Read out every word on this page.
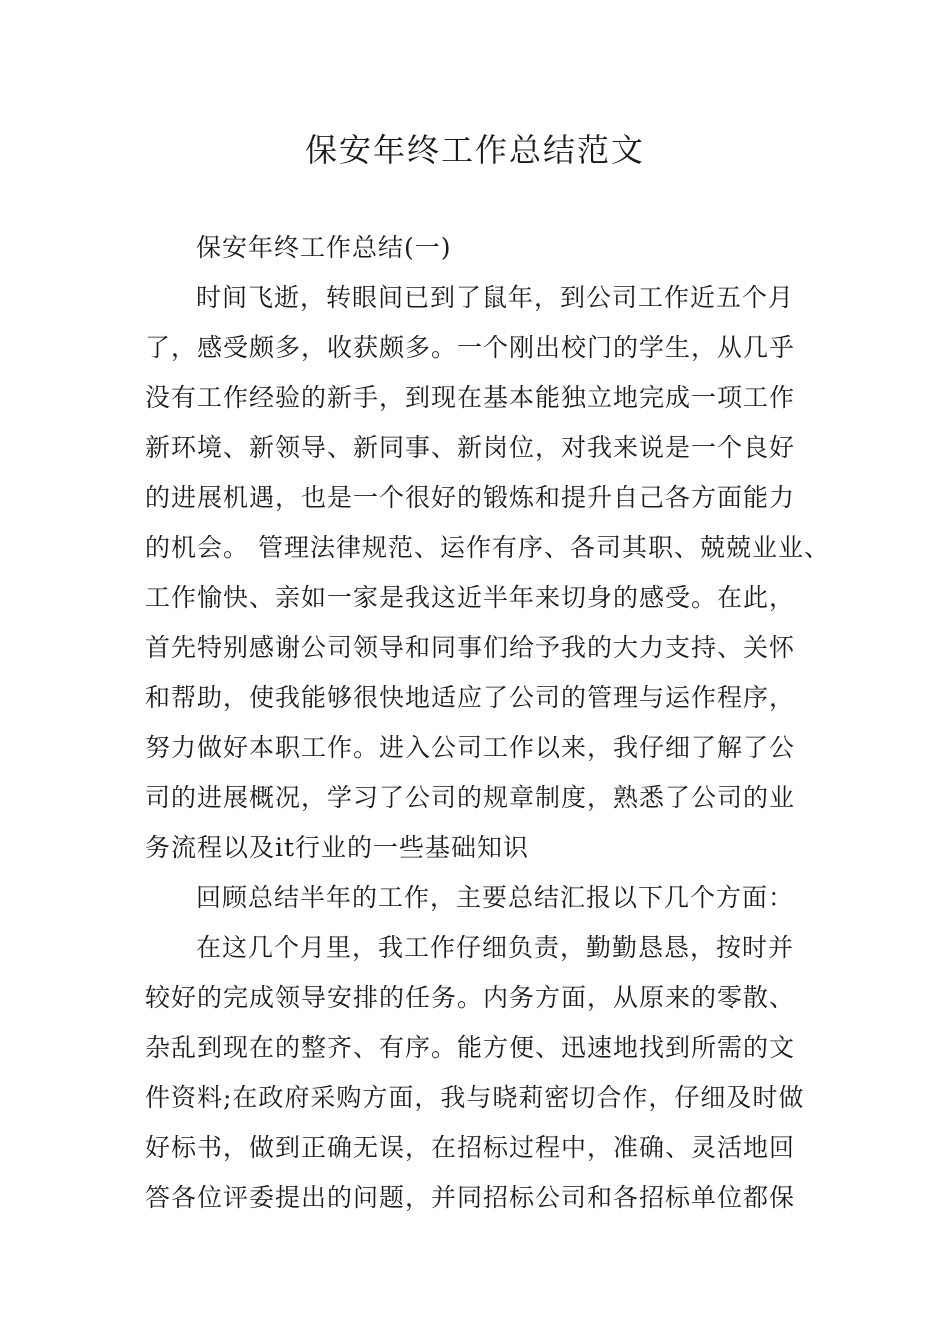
保安年终工作总结范文
保安年终工作总结(一)
时间飞逝，转眼间已到了鼠年，到公司工作近五个月
了，感受颇多，收获颇多。一个刚出校门的学生，从几乎
没有工作经验的新手，到现在基本能独立地完成一项工作
新环境、新领导、新同事、新岗位，对我来说是一个良好
的进展机遇，也是一个很好的锻炼和提升自己各方面能力
的机会。 管理法律规范、运作有序、各司其职、兢兢业业、
工作愉快、亲如一家是我这近半年来切身的感受。在此，
首先特别感谢公司领导和同事们给予我的大力支持、关怀
和帮助，使我能够很快地适应了公司的管理与运作程序，
努力做好本职工作。进入公司工作以来，我仔细了解了公
司的进展概况，学习了公司的规章制度，熟悉了公司的业
务流程以及it行业的一些基础知识
回顾总结半年的工作，主要总结汇报以下几个方面：
在这几个月里，我工作仔细负责，勤勤恳恳，按时并
较好的完成领导安排的任务。内务方面，从原来的零散、
杂乱到现在的整齐、有序。能方便、迅速地找到所需的文
件资料;在政府采购方面，我与晓莉密切合作，仔细及时做
好标书，做到正确无误，在招标过程中，准确、灵活地回
答各位评委提出的问题，并同招标公司和各招标单位都保
